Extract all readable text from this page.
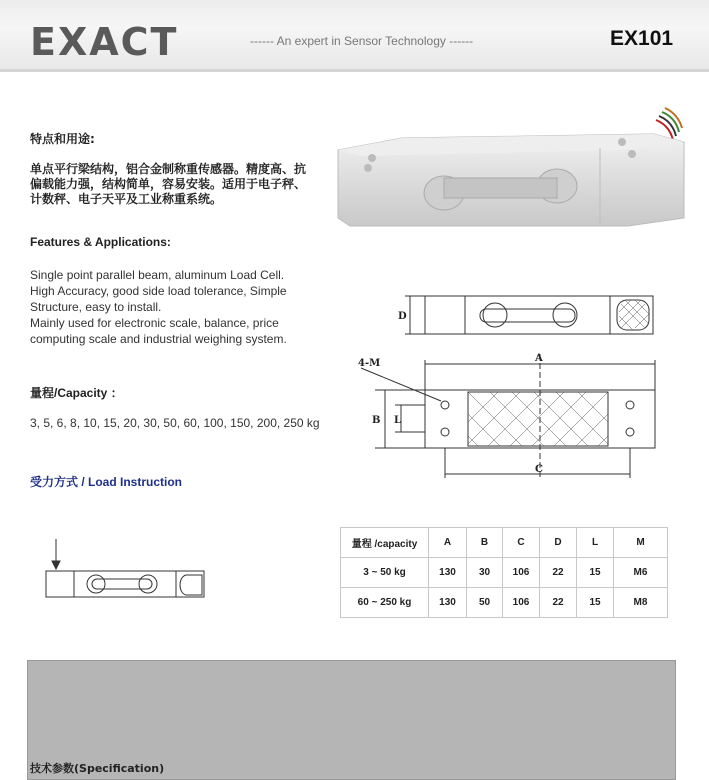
EXACT	------ An expert in Sensor Technology ------	EX101
特点和用途:
单点平行梁结构，铝合金制称重传感器。精度高、抗偏载能力强，结构简单，容易安装。适用于电子秤、计数秤、电子天平及工业称重系统。
Features & Applications:
Single point parallel beam, aluminum Load Cell.
High Accuracy, good side load tolerance, Simple
Structure, easy to install.
Mainly used for electronic scale, balance, price
computing scale and industrial weighing system.
量程/Capacity ：
3, 5, 6, 8, 10, 15, 20, 30, 50, 60, 100, 150, 200, 250 kg
受力方式 / Load Instruction
D
A
B L
C
4-M
量程 /capacity	A	B	C	D	L	M
3 ~ 50 kg	130	30	106	22	15	M6
60 ~ 250 kg	130	50	106	22	15	M8
技术参数(Specification)
